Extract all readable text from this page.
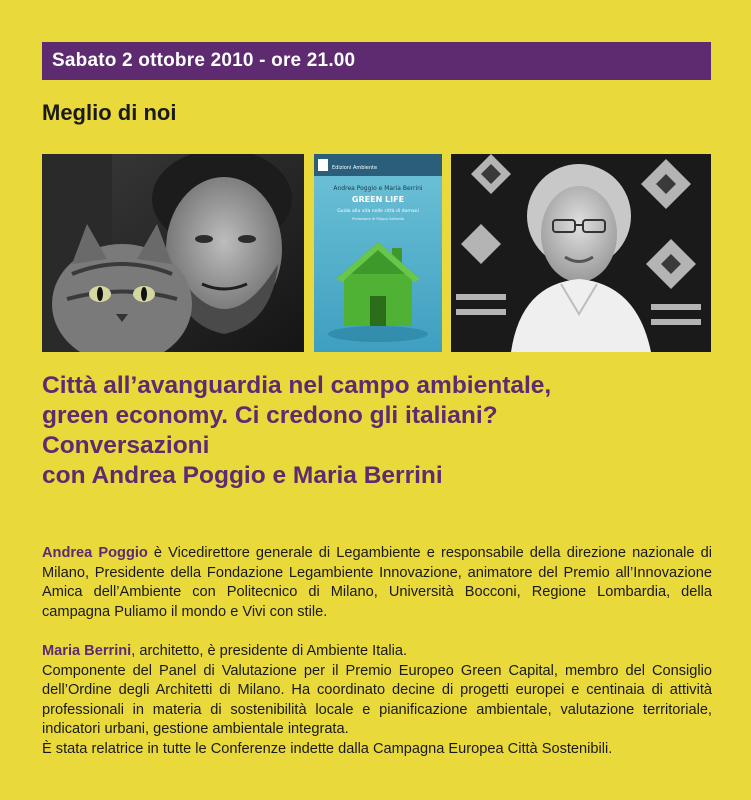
Sabato 2 ottobre 2010 - ore 21.00
Meglio di noi
Edizioni Ambiente
Andrea Poggio e Maria Berrini
GREEN LIFE
Guida alla vita nelle città di domani
Prefazione di Filippo Solibello
Città all’avanguardia nel campo ambientale,
green economy. Ci credono gli italiani?
Conversazioni
con Andrea Poggio e Maria Berrini
Andrea Poggio è Vicedirettore generale di Legambiente e responsabile della direzione nazionale di Milano, Presidente della Fondazione Legambiente Innovazione, animatore del Premio all’Innovazione Amica dell’Ambiente con Politecnico di Milano, Università Bocconi, Regione Lombardia, della campagna Puliamo il mondo e Vivi con stile.
Maria Berrini, architetto, è presidente di Ambiente Italia.
Componente del Panel di Valutazione per il Premio Europeo Green Capital, membro del Consiglio dell’Ordine degli Architetti di Milano. Ha coordinato decine di progetti europei e centinaia di attività professionali in materia di sostenibilità locale e pianificazione ambientale, valutazione territoriale, indicatori urbani, gestione ambientale integrata.
È stata relatrice in tutte le Conferenze indette dalla Campagna Europea Città Sostenibili.
